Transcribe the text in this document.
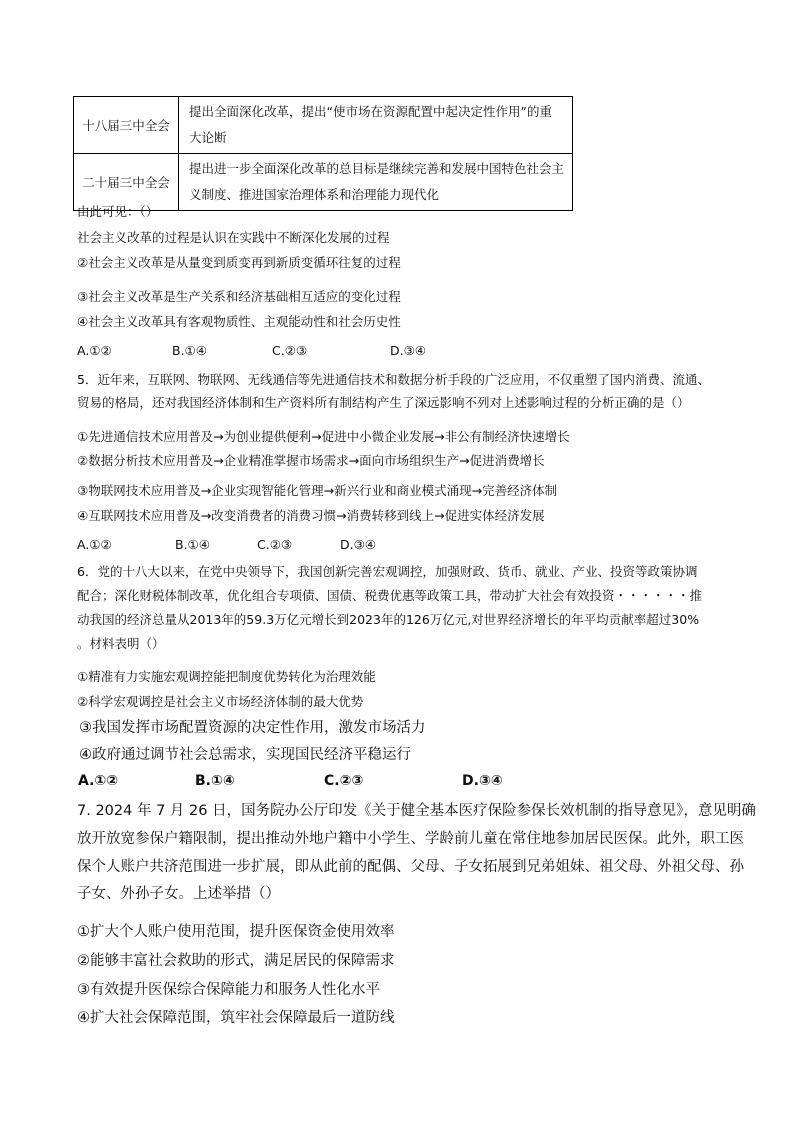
十八届三中全会	提出全面深化改革，提出“使市场在资源配置中起决定性作用”的重大论断
二十届三中全会	提出进一步全面深化改革的总目标是继续完善和发展中国特色社会主义制度、推进国家治理体系和治理能力现代化
由此可见：（）
社会主义改革的过程是认识在实践中不断深化发展的过程
②社会主义改革是从量变到质变再到新质变循环往复的过程
③社会主义改革是生产关系和经济基础相互适应的变化过程
④社会主义改革具有客观物质性、主观能动性和社会历史性
A.①②	B.①④	C.②③	D.③④
5．近年来，互联网、物联网、无线通信等先进通信技术和数据分析手段的广泛应用，不仅重塑了国内消费、流通、
贸易的格局，还对我国经济体制和生产资料所有制结构产生了深远影响不列对上述影响过程的分析正确的是（）
①先进通信技术应用普及→为创业提供便利→促进中小微企业发展→非公有制经济快速增长
②数据分析技术应用普及→企业精准掌握市场需求→面向市场组织生产→促进消费增长
③物联网技术应用普及→企业实现智能化管理→新兴行业和商业模式涌现→完善经济体制
④互联网技术应用普及→改变消费者的消费习惯→消费转移到线上→促进实体经济发展
A.①②	B.①④	C.②③	D.③④
6．党的十八大以来，在党中央领导下，我国创新完善宏观调控，加强财政、货币、就业、产业、投资等政策协调
配合；深化财税体制改革，优化组合专项债、国债、税费优惠等政策工具，带动扩大社会有效投资・・・・・・推
动我国的经济总量从2013年的59.3万亿元增长到2023年的126万亿元,对世界经济增长的年平均贡献率超过30%
。材料表明（）
①精准有力实施宏观调控能把制度优势转化为治理效能
②科学宏观调控是社会主义市场经济体制的最大优势
③我国发挥市场配置资源的决定性作用，激发市场活力
④政府通过调节社会总需求，实现国民经济平稳运行
A.①②	B.①④	C.②③	D.③④
7. 2024 年 7 月 26 日，国务院办公厅印发《关于健全基本医疗保险参保长效机制的指导意见》，意见明确
放开放宽参保户籍限制，提出推动外地户籍中小学生、学龄前儿童在常住地参加居民医保。此外，职工医
保个人账户共济范围进一步扩展，即从此前的配偶、父母、子女拓展到兄弟姐妹、祖父母、外祖父母、孙
子女、外孙子女。上述举措（）
①扩大个人账户使用范围，提升医保资金使用效率
②能够丰富社会救助的形式，满足居民的保障需求
③有效提升医保综合保障能力和服务人性化水平
④扩大社会保障范围，筑牢社会保障最后一道防线
